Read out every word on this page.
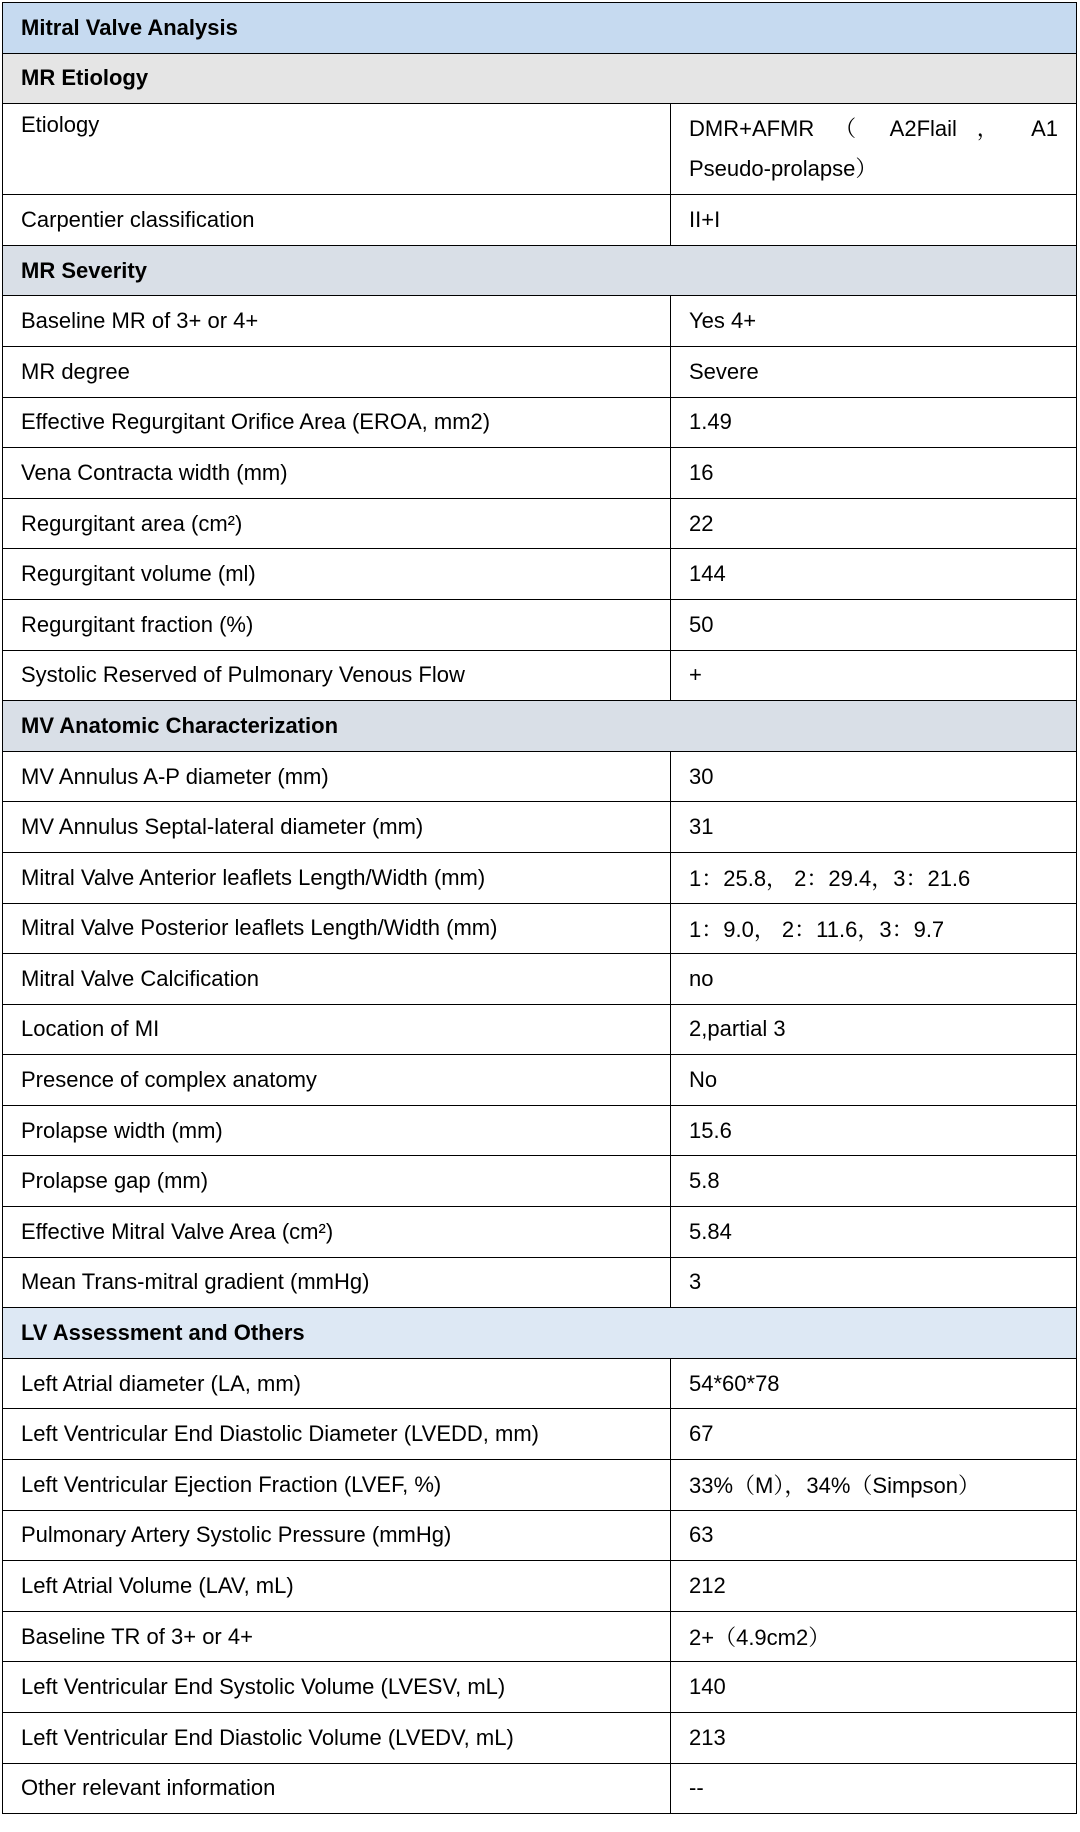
Mitral Valve Analysis	
MR Etiology	
Etiology	DMR+AFMR （ A2Flail ， A1 Pseudo-prolapse）
Carpentier classification	II+I
MR Severity	
Baseline MR of 3+ or 4+	Yes 4+
MR degree	Severe
Effective Regurgitant Orifice Area (EROA, mm2)	1.49
Vena Contracta width (mm)	16
Regurgitant area (cm²)	22
Regurgitant volume (ml)	144
Regurgitant fraction (%)	50
Systolic Reserved of Pulmonary Venous Flow	+
MV Anatomic Characterization	
MV Annulus A-P diameter (mm)	30
MV Annulus Septal-lateral diameter (mm)	31
Mitral Valve Anterior leaflets Length/Width (mm)	1：25.8， 2：29.4，3：21.6
Mitral Valve Posterior leaflets Length/Width (mm)	1：9.0， 2：11.6，3：9.7
Mitral Valve Calcification	no
Location of MI	2,partial 3
Presence of complex anatomy	No
Prolapse width (mm)	15.6
Prolapse gap (mm)	5.8
Effective Mitral Valve Area (cm²)	5.84
Mean Trans-mitral gradient (mmHg)	3
LV Assessment and Others	
Left Atrial diameter (LA, mm)	54*60*78
Left Ventricular End Diastolic Diameter (LVEDD, mm)	67
Left Ventricular Ejection Fraction (LVEF, %)	33%（M），34%（Simpson）
Pulmonary Artery Systolic Pressure (mmHg)	63
Left Atrial Volume (LAV, mL)	212
Baseline TR of 3+ or 4+	2+（4.9cm2）
Left Ventricular End Systolic Volume (LVESV, mL)	140
Left Ventricular End Diastolic Volume (LVEDV, mL)	213
Other relevant information	--
